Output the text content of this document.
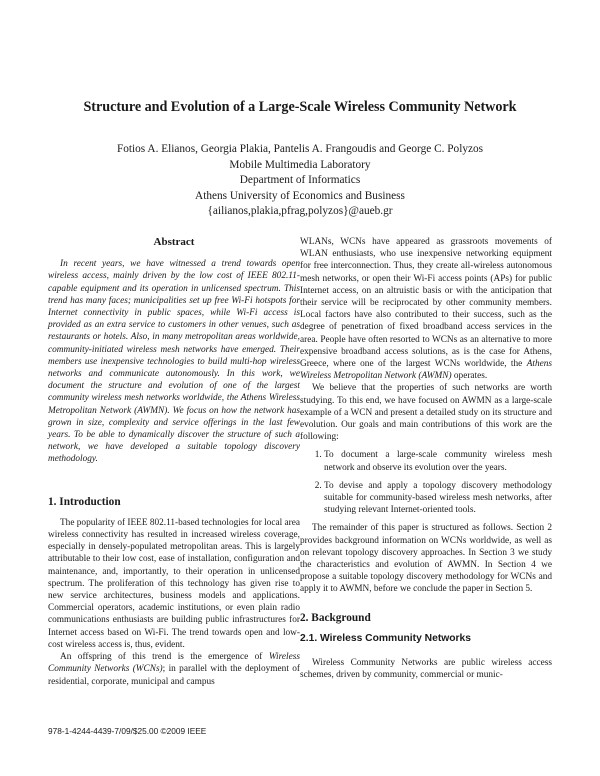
Structure and Evolution of a Large-Scale Wireless Community Network
Fotios A. Elianos, Georgia Plakia, Pantelis A. Frangoudis and George C. Polyzos
Mobile Multimedia Laboratory
Department of Informatics
Athens University of Economics and Business
{ailianos,plakia,pfrag,polyzos}@aueb.gr
Abstract

In recent years, we have witnessed a trend towards open wireless access, mainly driven by the low cost of IEEE 802.11-capable equipment and its operation in unlicensed spectrum. This trend has many faces; municipalities set up free Wi-Fi hotspots for Internet connectivity in public spaces, while Wi-Fi access is provided as an extra service to customers in other venues, such as restaurants or hotels. Also, in many metropolitan areas worldwide, community-initiated wireless mesh networks have emerged. Their members use inexpensive technologies to build multi-hop wireless networks and communicate autonomously. In this work, we document the structure and evolution of one of the largest community wireless mesh networks worldwide, the Athens Wireless Metropolitan Network (AWMN). We focus on how the network has grown in size, complexity and service offerings in the last few years. To be able to dynamically discover the structure of such a network, we have developed a suitable topology discovery methodology.

1. Introduction

The popularity of IEEE 802.11-based technologies for local area wireless connectivity has resulted in increased wireless coverage, especially in densely-populated metropolitan areas. This is largely attributable to their low cost, ease of installation, configuration and maintenance, and, importantly, to their operation in unlicensed spectrum. The proliferation of this technology has given rise to new service architectures, business models and applications. Commercial operators, academic institutions, or even plain radio communications enthusiasts are building public infrastructures for Internet access based on Wi-Fi. The trend towards open and low-cost wireless access is, thus, evident.

An offspring of this trend is the emergence of Wireless Community Networks (WCNs); in parallel with the deployment of residential, corporate, municipal and campus

WLANs, WCNs have appeared as grassroots movements of WLAN enthusiasts, who use inexpensive networking equipment for free interconnection. Thus, they create all-wireless autonomous mesh networks, or open their Wi-Fi access points (APs) for public Internet access, on an altruistic basis or with the anticipation that their service will be reciprocated by other community members. Local factors have also contributed to their success, such as the degree of penetration of fixed broadband access services in the area. People have often resorted to WCNs as an alternative to more expensive broadband access solutions, as is the case for Athens, Greece, where one of the largest WCNs worldwide, the Athens Wireless Metropolitan Network (AWMN) operates.

We believe that the properties of such networks are worth studying. To this end, we have focused on AWMN as a large-scale example of a WCN and present a detailed study on its structure and evolution. Our goals and main contributions of this work are the following:

1. To document a large-scale community wireless mesh network and observe its evolution over the years.
2. To devise and apply a topology discovery methodology suitable for community-based wireless mesh networks, after studying relevant Internet-oriented tools.

The remainder of this paper is structured as follows. Section 2 provides background information on WCNs worldwide, as well as on relevant topology discovery approaches. In Section 3 we study the characteristics and evolution of AWMN. In Section 4 we propose a suitable topology discovery methodology for WCNs and apply it to AWMN, before we conclude the paper in Section 5.

2. Background
2.1. Wireless Community Networks

Wireless Community Networks are public wireless access schemes, driven by community, commercial or munic-

978-1-4244-4439-7/09/$25.00 ©2009 IEEE
